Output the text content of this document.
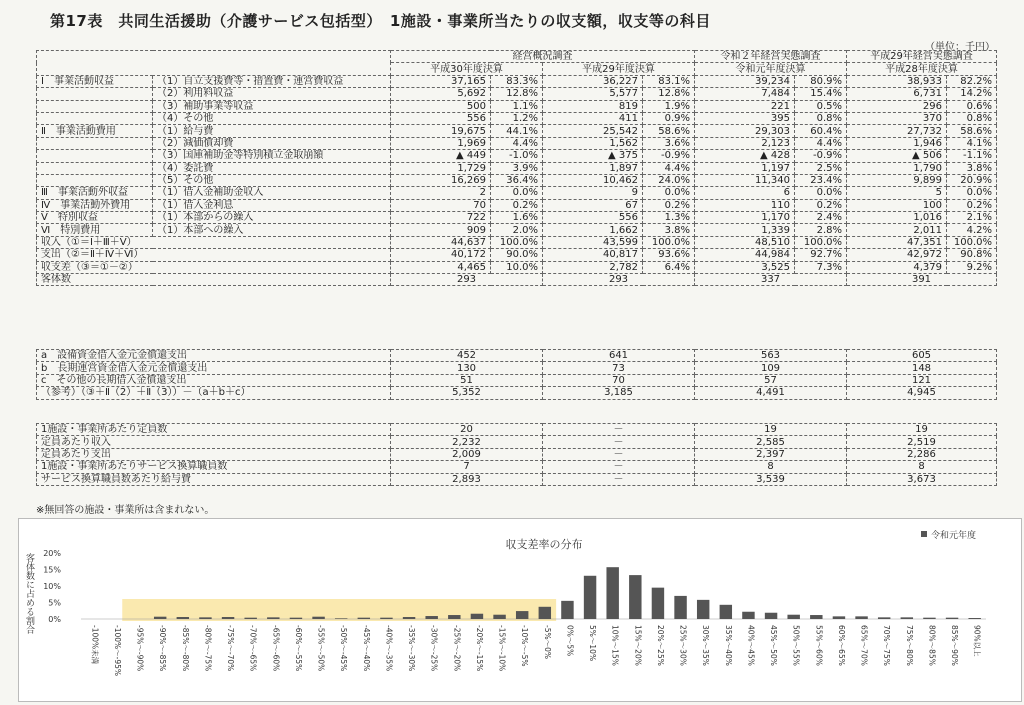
第17表　共同生活援助（介護サービス包括型）　1施設・事業所当たりの収支額，収支等の科目
（単位：千円）
		経営概況調査				令和２年経営実態調査		平成29年経営実態調査	
		平成30年度決算		平成29年度決算		令和元年度決算		平成28年度決算	
Ⅰ　事業活動収益	（1）自立支援費等・措置費・運営費収益	37,165	83.3%	36,227	83.1%	39,234	80.9%	38,933	82.2%
	（2）利用料収益	5,692	12.8%	5,577	12.8%	7,484	15.4%	6,731	14.2%
	（3）補助事業等収益	500	1.1%	819	1.9%	221	0.5%	296	0.6%
	（4）その他	556	1.2%	411	0.9%	395	0.8%	370	0.8%
Ⅱ　事業活動費用	（1）給与費	19,675	44.1%	25,542	58.6%	29,303	60.4%	27,732	58.6%
	（2）減価償却費	1,969	4.4%	1,562	3.6%	2,123	4.4%	1,946	4.1%
	（3）国庫補助金等特別積立金取崩額	▲ 449	-1.0%	▲ 375	-0.9%	▲ 428	-0.9%	▲ 506	-1.1%
	（4）委託費	1,729	3.9%	1,897	4.4%	1,197	2.5%	1,790	3.8%
	（5）その他	16,269	36.4%	10,462	24.0%	11,340	23.4%	9,899	20.9%
Ⅲ　事業活動外収益	（1）借入金補助金収入	2	0.0%	9	0.0%	6	0.0%	5	0.0%
Ⅳ　事業活動外費用	（1）借入金利息	70	0.2%	67	0.2%	110	0.2%	100	0.2%
Ⅴ　特別収益	（1）本部からの繰入	722	1.6%	556	1.3%	1,170	2.4%	1,016	2.1%
Ⅵ　特別費用	（1）本部への繰入	909	2.0%	1,662	3.8%	1,339	2.8%	2,011	4.2%
収入（①＝Ⅰ＋Ⅲ＋Ⅴ）		44,637	100.0%	43,599	100.0%	48,510	100.0%	47,351	100.0%
支出（②＝Ⅱ＋Ⅳ＋Ⅵ）		40,172	90.0%	40,817	93.6%	44,984	92.7%	42,972	90.8%
収支差（③＝①－②）		4,465	10.0%	2,782	6.4%	3,525	7.3%	4,379	9.2%
客体数		293		293		337		391	
a　設備資金借入金元金償還支出	452	641	563	605
b　長期運営資金借入金元金償還支出	130	73	109	148
c　その他の長期借入金償還支出	51	70	57	121
（参考）（③＋Ⅱ（2）＋Ⅱ（3））－（a＋b＋c）	5,352	3,185	4,491	4,945
1施設・事業所あたり定員数	20	－	19	19
定員あたり収入	2,232	－	2,585	2,519
定員あたり支出	2,009	－	2,397	2,286
1施設・事業所あたりサービス換算職員数	7	－	8	8
サービス換算職員数あたり給与費	2,893	－	3,539	3,673
※無回答の施設・事業所は含まれない。
収支差率の分布
令和元年度
20%
15%
10%
5%
0%
客体数に占める割合
-100%未満 -100%～-95% -95%～-90% -90%～-85% -85%～-80% -80%～-75% -75%～-70% -70%～-65% -65%～-60% -60%～-55% -55%～-50% -50%～-45% -45%～-40% -40%～-35% -35%～-30% -30%～-25% -25%～-20% -20%～-15% -15%～-10% -10%～-5% -5%～0% 0%～5% 5%～10% 10%～15% 15%～20% 20%～25% 25%～30% 30%～35% 35%～40% 40%～45% 45%～50% 50%～55% 55%～60% 60%～65% 65%～70% 70%～75% 75%～80% 80%～85% 85%～90% 90%以上
